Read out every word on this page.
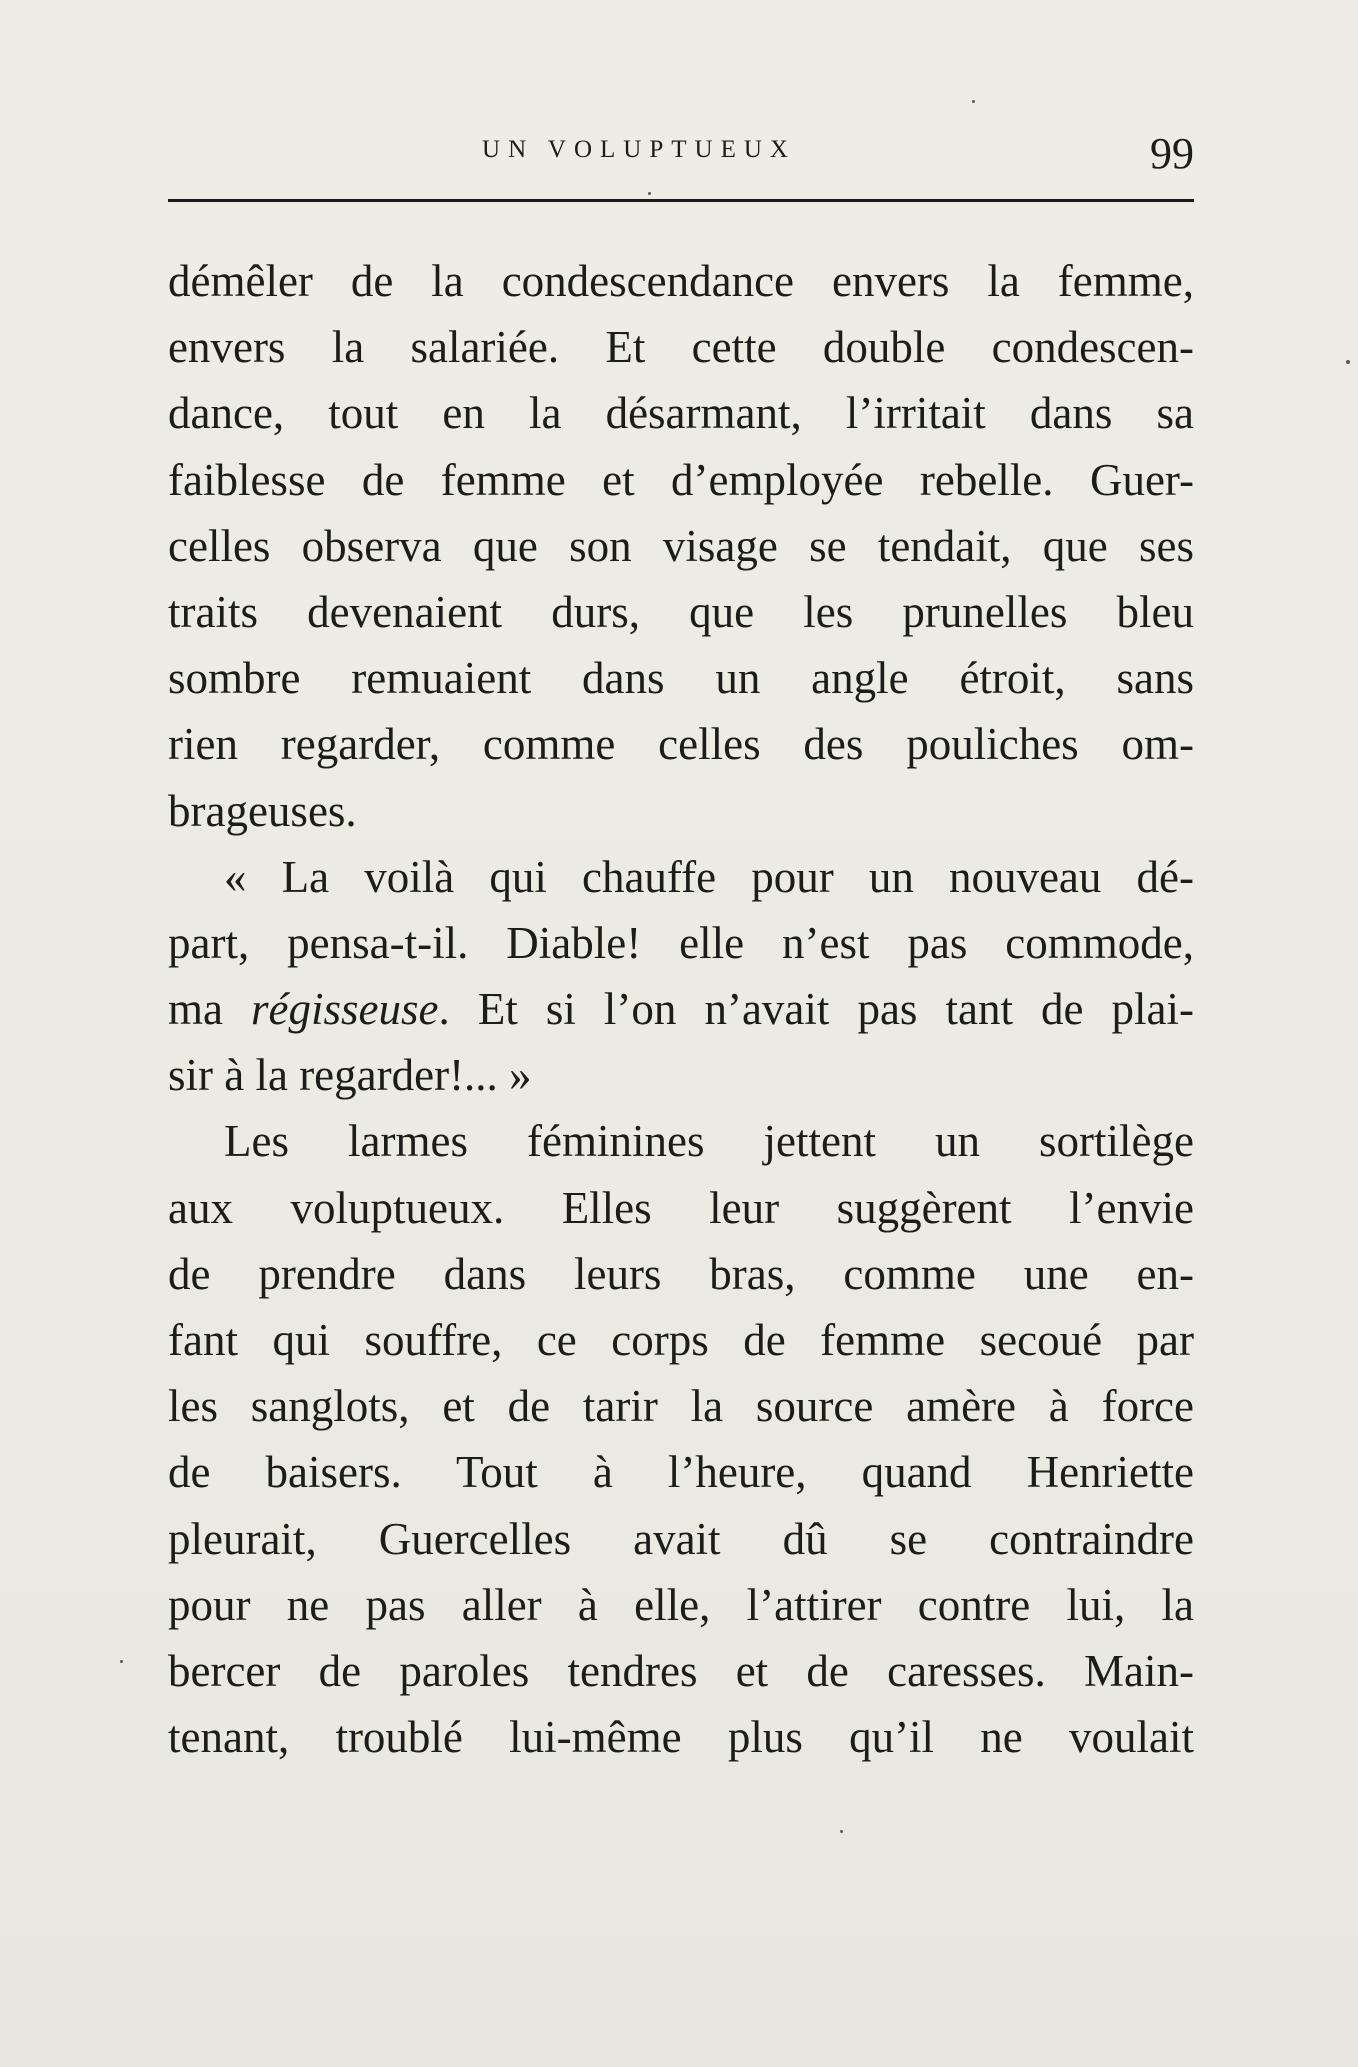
UN VOLUPTUEUX	99
démêler de la condescendance envers la femme,
envers la salariée. Et cette double condescen-
dance, tout en la désarmant, l’irritait dans sa
faiblesse de femme et d’employée rebelle. Guer-
celles observa que son visage se tendait, que ses
traits devenaient durs, que les prunelles bleu
sombre remuaient dans un angle étroit, sans
rien regarder, comme celles des pouliches om-
brageuses.
« La voilà qui chauffe pour un nouveau dé-
part, pensa-t-il. Diable! elle n’est pas commode,
ma régisseuse. Et si l’on n’avait pas tant de plai-
sir à la regarder!... »
Les larmes féminines jettent un sortilège
aux voluptueux. Elles leur suggèrent l’envie
de prendre dans leurs bras, comme une en-
fant qui souffre, ce corps de femme secoué par
les sanglots, et de tarir la source amère à force
de baisers. Tout à l’heure, quand Henriette
pleurait, Guercelles avait dû se contraindre
pour ne pas aller à elle, l’attirer contre lui, la
bercer de paroles tendres et de caresses. Main-
tenant, troublé lui-même plus qu’il ne voulait
